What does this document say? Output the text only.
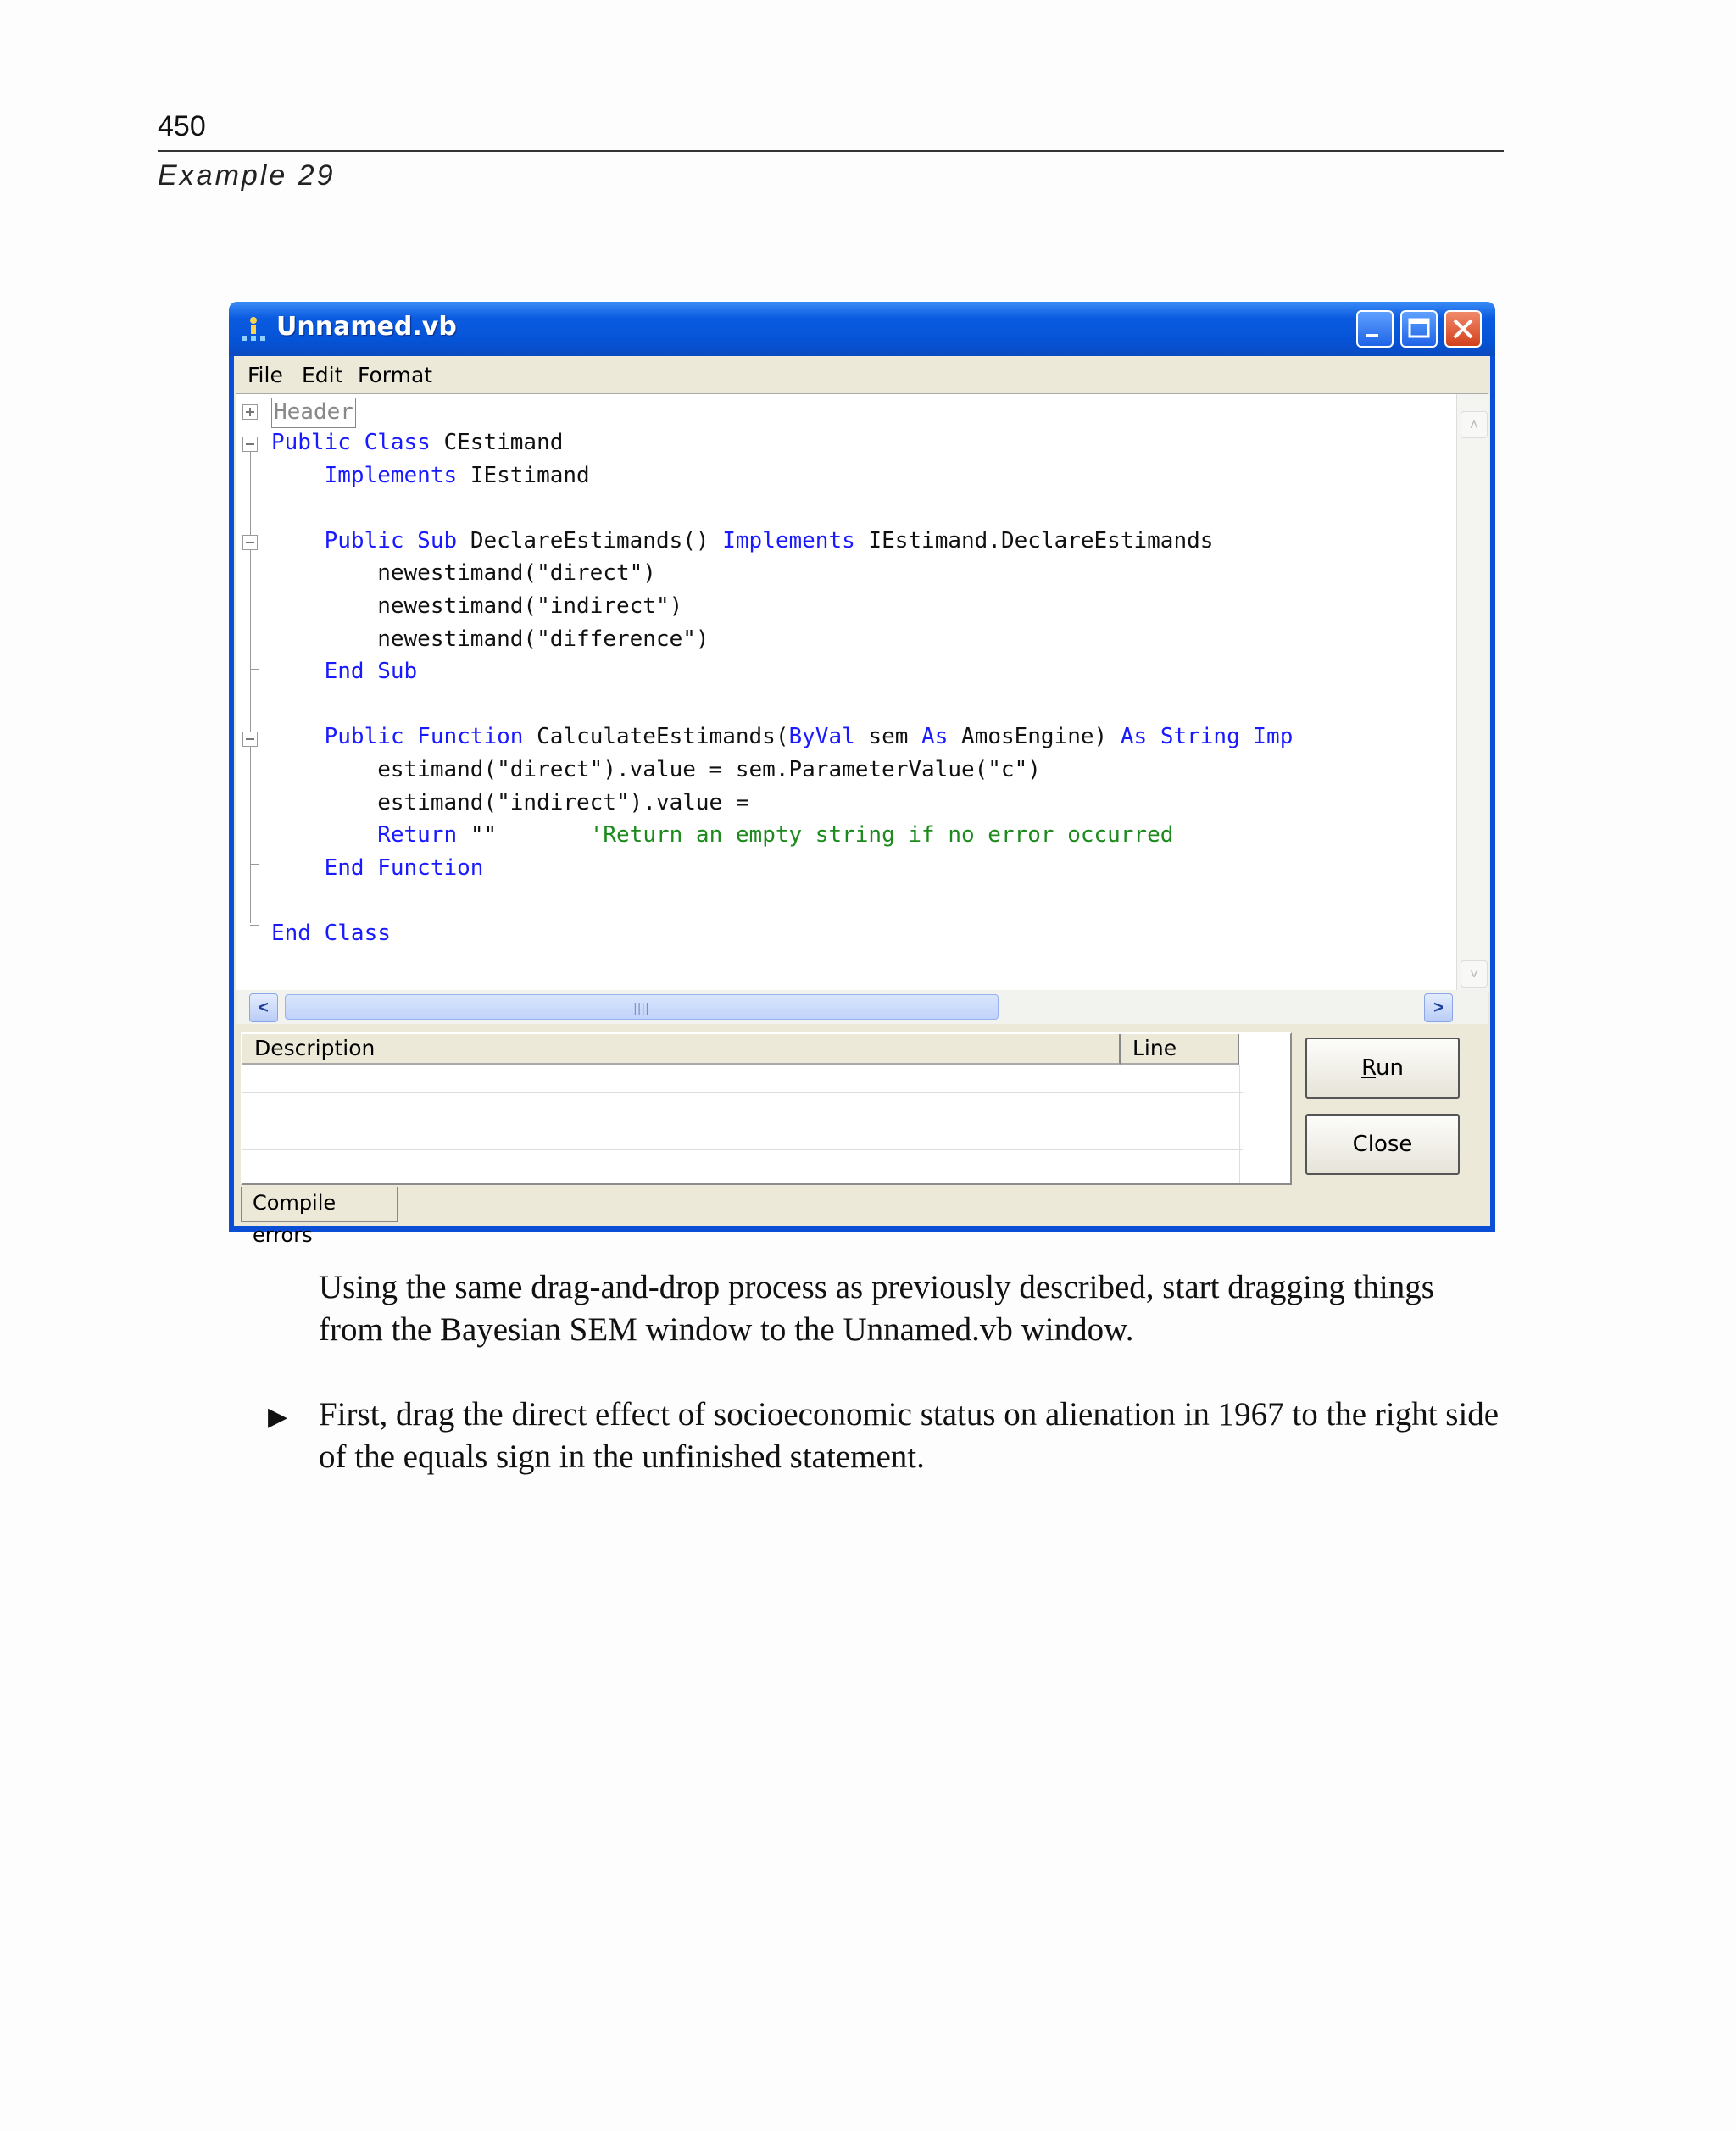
450
Example 29
Unnamed.vb
File Edit Format
Header
Public Class CEstimand
Implements IEstimand
Public Sub DeclareEstimands() Implements IEstimand.DeclareEstimands
newestimand("direct")
newestimand("indirect")
newestimand("difference")
End Sub
Public Function CalculateEstimands(ByVal sem As AmosEngine) As String Imp
estimand("direct").value = sem.ParameterValue("c")
estimand("indirect").value =
Return ""       'Return an empty string if no error occurred
End Function
End Class
˄
˅
<	||||	>
Description	Line
Compile errors
Run
Close
Using the same drag-and-drop process as previously described, start dragging things from the Bayesian SEM window to the Unnamed.vb window.
▶ First, drag the direct effect of socioeconomic status on alienation in 1967 to the right side of the equals sign in the unfinished statement.
